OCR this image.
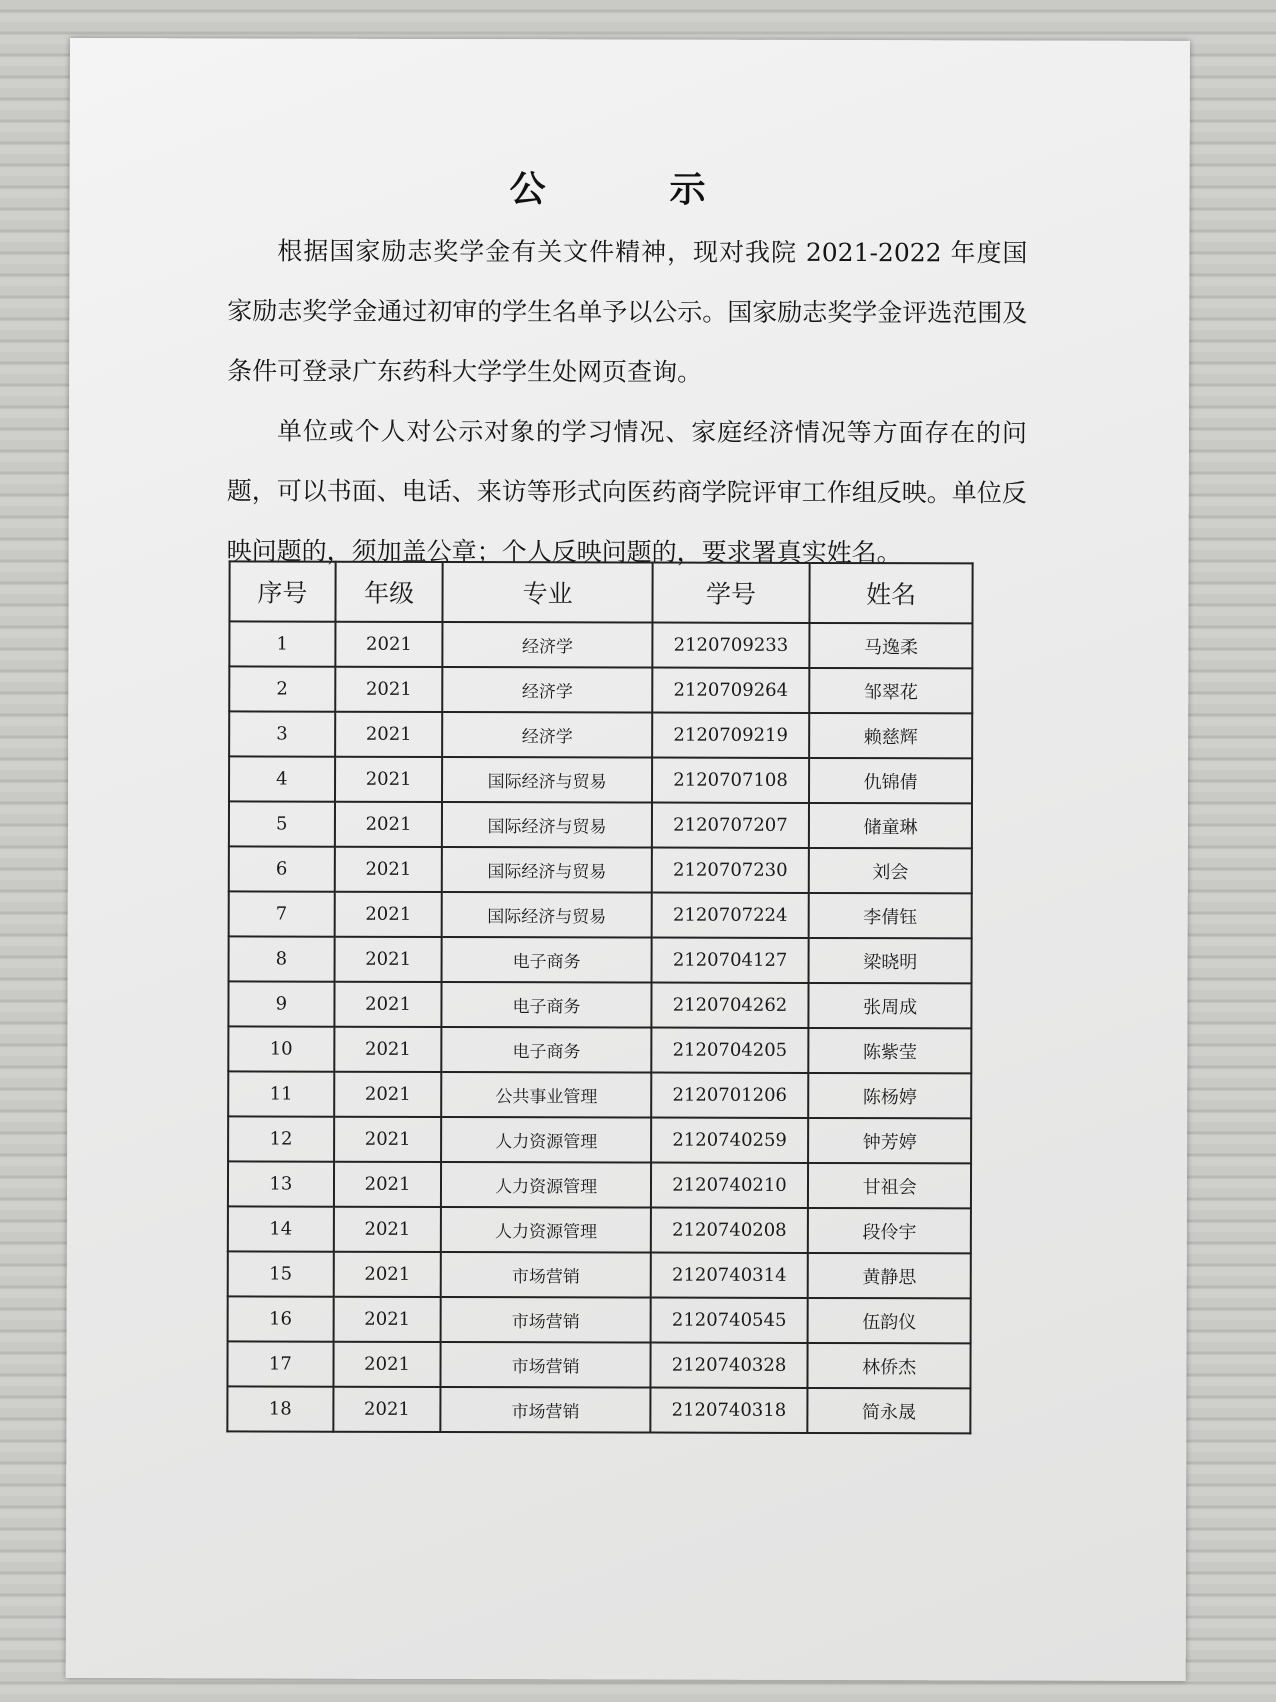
公　示

根据国家励志奖学金有关文件精神，现对我院 2021-2022 年度国家励志奖学金通过初审的学生名单予以公示。国家励志奖学金评选范围及条件可登录广东药科大学学生处网页查询。

单位或个人对公示对象的学习情况、家庭经济情况等方面存在的问题，可以书面、电话、来访等形式向医药商学院评审工作组反映。单位反映问题的，须加盖公章；个人反映问题的，要求署真实姓名。

序号	年级	专业	学号	姓名
1	2021	经济学	2120709233	马逸柔
2	2021	经济学	2120709264	邹翠花
3	2021	经济学	2120709219	赖慈辉
4	2021	国际经济与贸易	2120707108	仇锦倩
5	2021	国际经济与贸易	2120707207	储童琳
6	2021	国际经济与贸易	2120707230	刘会
7	2021	国际经济与贸易	2120707224	李倩钰
8	2021	电子商务	2120704127	梁晓明
9	2021	电子商务	2120704262	张周成
10	2021	电子商务	2120704205	陈紫莹
11	2021	公共事业管理	2120701206	陈杨婷
12	2021	人力资源管理	2120740259	钟芳婷
13	2021	人力资源管理	2120740210	甘祖会
14	2021	人力资源管理	2120740208	段伶宇
15	2021	市场营销	2120740314	黄静思
16	2021	市场营销	2120740545	伍韵仪
17	2021	市场营销	2120740328	林侨杰
18	2021	市场营销	2120740318	简永晟
